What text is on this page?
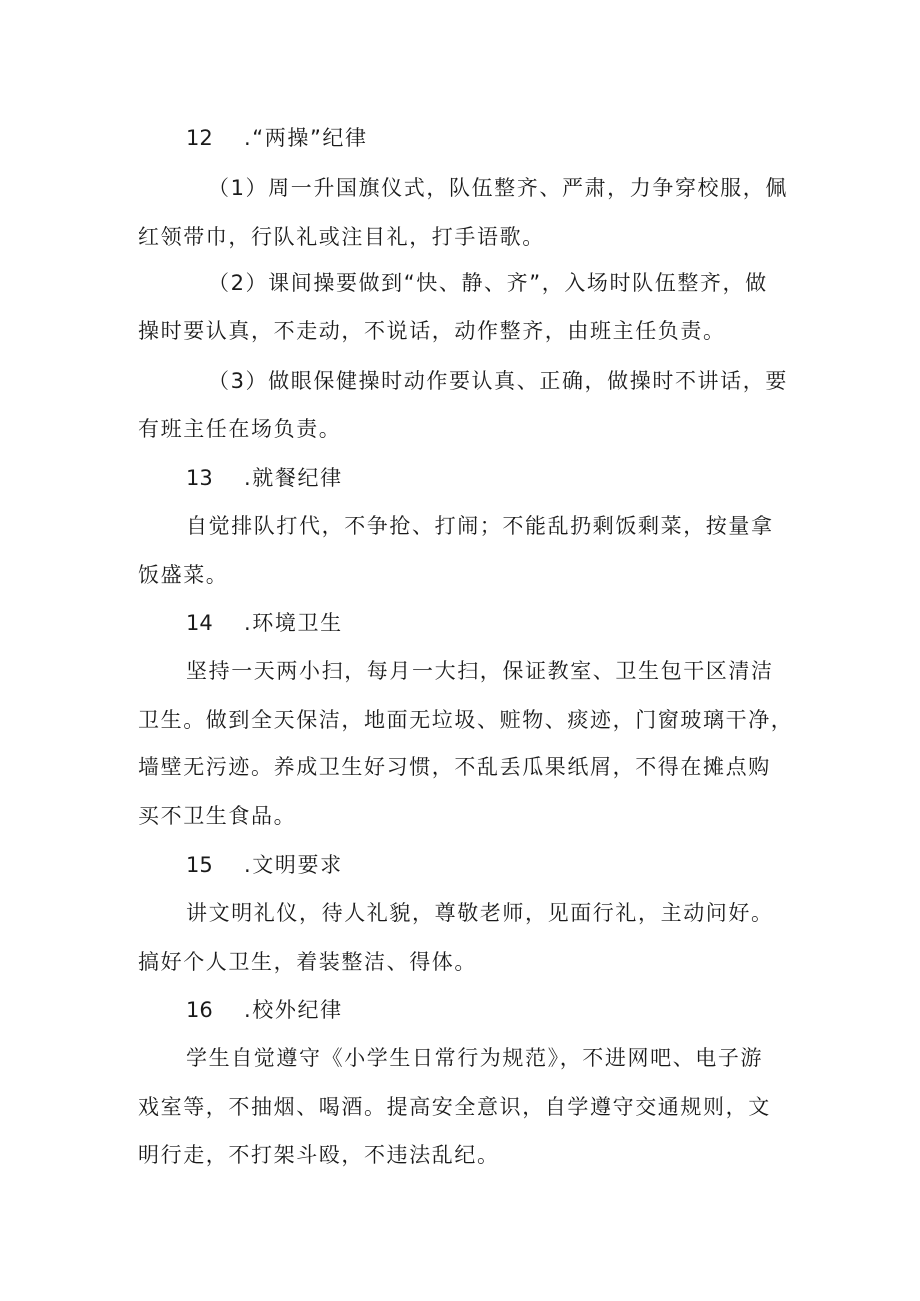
12 .“两操”纪律
（1）周一升国旗仪式，队伍整齐、严肃，力争穿校服，佩
红领带巾，行队礼或注目礼，打手语歌。
（2）课间操要做到“快、静、齐”，入场时队伍整齐，做
操时要认真，不走动，不说话，动作整齐，由班主任负责。
（3）做眼保健操时动作要认真、正确，做操时不讲话，要
有班主任在场负责。
13 .就餐纪律
自觉排队打代，不争抢、打闹；不能乱扔剩饭剩菜，按量拿
饭盛菜。
14 .环境卫生
坚持一天两小扫，每月一大扫，保证教室、卫生包干区清洁
卫生。做到全天保洁，地面无垃圾、赃物、痰迹，门窗玻璃干净，
墙壁无污迹。养成卫生好习惯，不乱丢瓜果纸屑，不得在摊点购
买不卫生食品。
15 .文明要求
讲文明礼仪，待人礼貌，尊敬老师，见面行礼，主动问好。
搞好个人卫生，着装整洁、得体。
16 .校外纪律
学生自觉遵守《小学生日常行为规范》，不进网吧、电子游
戏室等，不抽烟、喝酒。提高安全意识，自学遵守交通规则，文
明行走，不打架斗殴，不违法乱纪。
